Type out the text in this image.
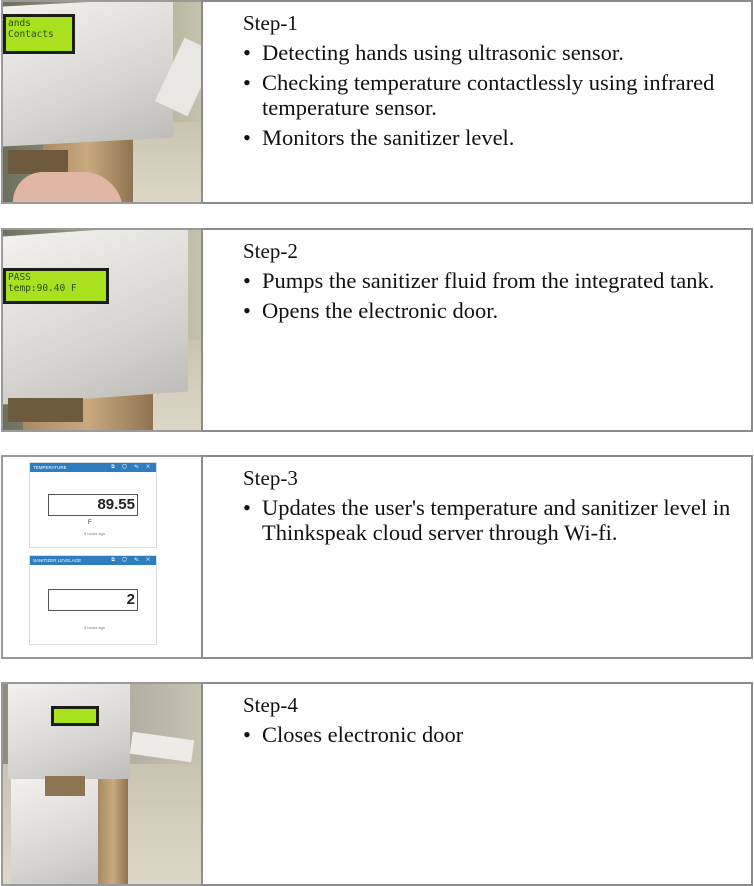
ands
Contacts	Step-1
• Detecting hands using ultrasonic sensor.
• Checking temperature contactlessly using infrared temperature sensor.
• Monitors the sanitizer level.
PASS
temp:90.40 F
Step-2
• Pumps the sanitizer fluid from the integrated tank.
• Opens the electronic door.
TEMPERATURE	⧉ ◯ ✎ ✕
89.55
F
5 hours ago
SANITIZER LEVELAGE	⧉ ◯ ✎ ✕
2
5 hours ago
Step-3
• Updates the user's temperature and sanitizer level in Thinkspeak cloud server through Wi-fi.
Step-4
• Closes electronic door
